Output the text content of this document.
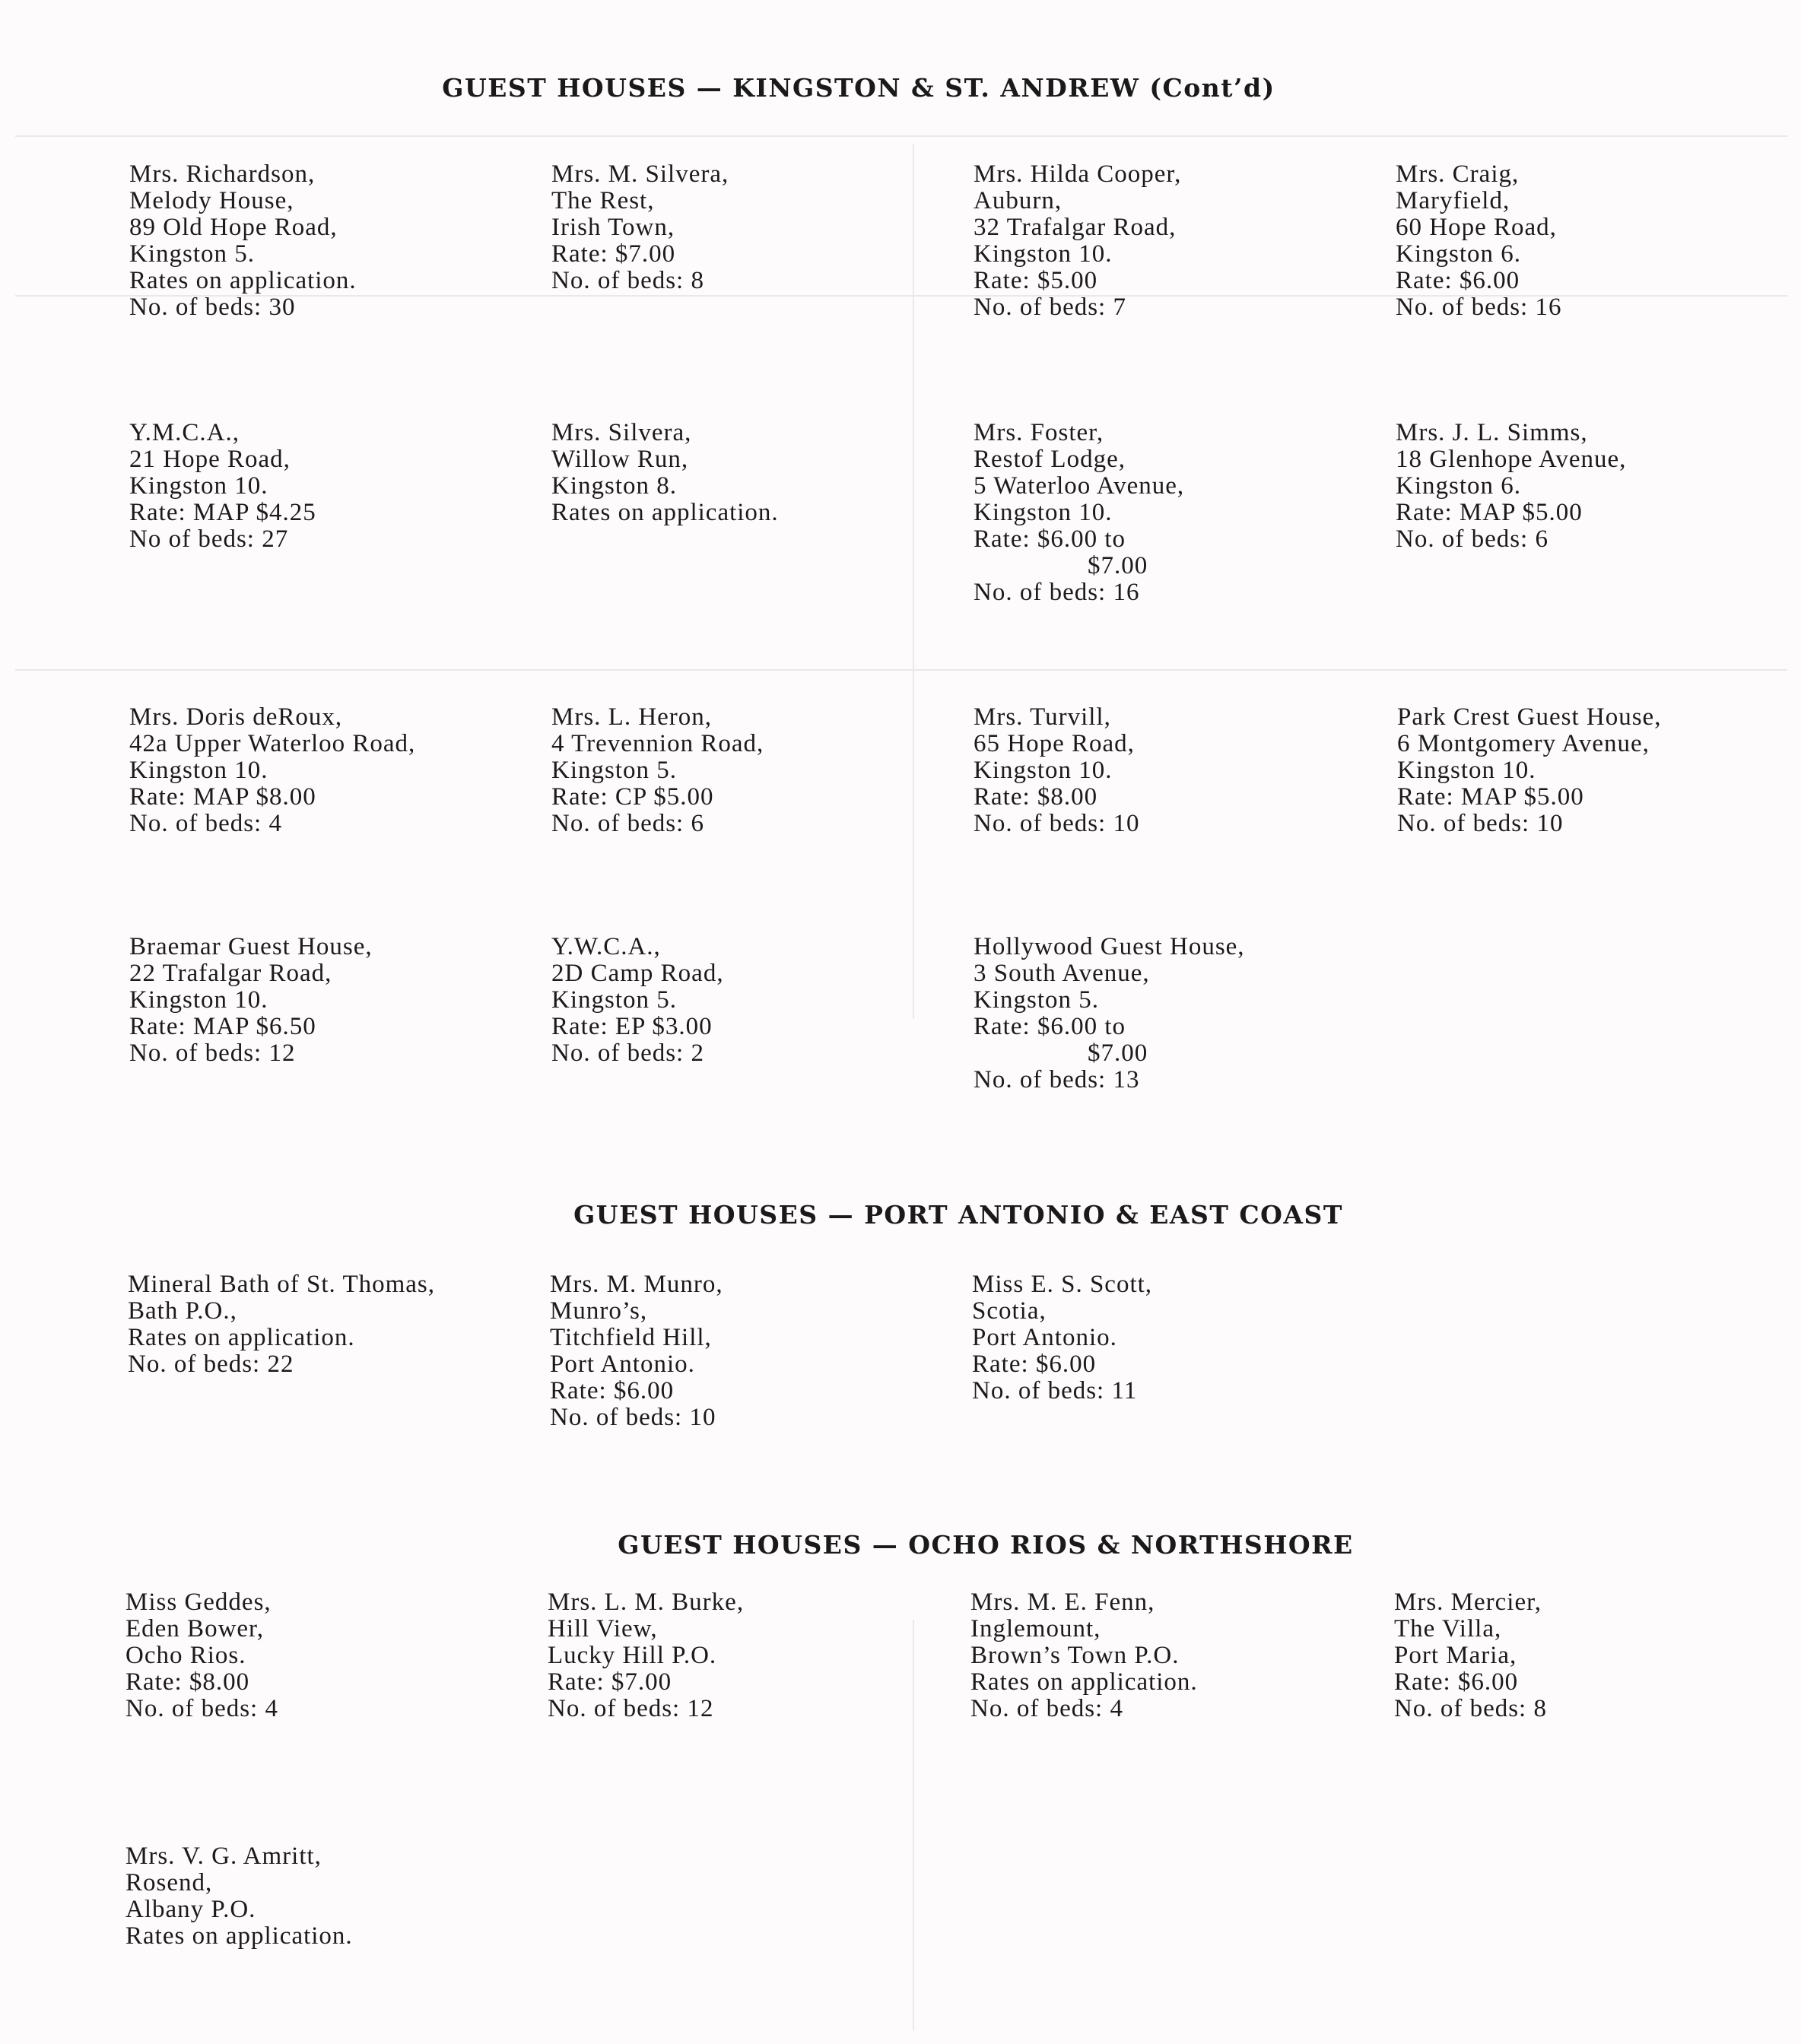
GUEST HOUSES — KINGSTON & ST. ANDREW (Cont’d)
Mrs. Richardson,
Melody House,
89 Old Hope Road,
Kingston 5.
Rates on application.
No. of beds: 30
Mrs. M. Silvera,
The Rest,
Irish Town,
Rate: $7.00
No. of beds: 8
Mrs. Hilda Cooper,
Auburn,
32 Trafalgar Road,
Kingston 10.
Rate: $5.00
No. of beds: 7
Mrs. Craig,
Maryfield,
60 Hope Road,
Kingston 6.
Rate: $6.00
No. of beds: 16
Y.M.C.A.,
21 Hope Road,
Kingston 10.
Rate: MAP $4.25
No of beds: 27
Mrs. Silvera,
Willow Run,
Kingston 8.
Rates on application.
Mrs. Foster,
Restof Lodge,
5 Waterloo Avenue,
Kingston 10.
Rate: $6.00 to
$7.00
No. of beds: 16
Mrs. J. L. Simms,
18 Glenhope Avenue,
Kingston 6.
Rate: MAP $5.00
No. of beds: 6
Mrs. Doris deRoux,
42a Upper Waterloo Road,
Kingston 10.
Rate: MAP $8.00
No. of beds: 4
Mrs. L. Heron,
4 Trevennion Road,
Kingston 5.
Rate: CP $5.00
No. of beds: 6
Mrs. Turvill,
65 Hope Road,
Kingston 10.
Rate: $8.00
No. of beds: 10
Park Crest Guest House,
6 Montgomery Avenue,
Kingston 10.
Rate: MAP $5.00
No. of beds: 10
Braemar Guest House,
22 Trafalgar Road,
Kingston 10.
Rate: MAP $6.50
No. of beds: 12
Y.W.C.A.,
2D Camp Road,
Kingston 5.
Rate: EP $3.00
No. of beds: 2
Hollywood Guest House,
3 South Avenue,
Kingston 5.
Rate: $6.00 to
$7.00
No. of beds: 13
GUEST HOUSES — PORT ANTONIO & EAST COAST
Mineral Bath of St. Thomas,
Bath P.O.,
Rates on application.
No. of beds: 22
Mrs. M. Munro,
Munro’s,
Titchfield Hill,
Port Antonio.
Rate: $6.00
No. of beds: 10
Miss E. S. Scott,
Scotia,
Port Antonio.
Rate: $6.00
No. of beds: 11
GUEST HOUSES — OCHO RIOS & NORTHSHORE
Miss Geddes,
Eden Bower,
Ocho Rios.
Rate: $8.00
No. of beds: 4
Mrs. L. M. Burke,
Hill View,
Lucky Hill P.O.
Rate: $7.00
No. of beds: 12
Mrs. M. E. Fenn,
Inglemount,
Brown’s Town P.O.
Rates on application.
No. of beds: 4
Mrs. Mercier,
The Villa,
Port Maria,
Rate: $6.00
No. of beds: 8
Mrs. V. G. Amritt,
Rosend,
Albany P.O.
Rates on application.
